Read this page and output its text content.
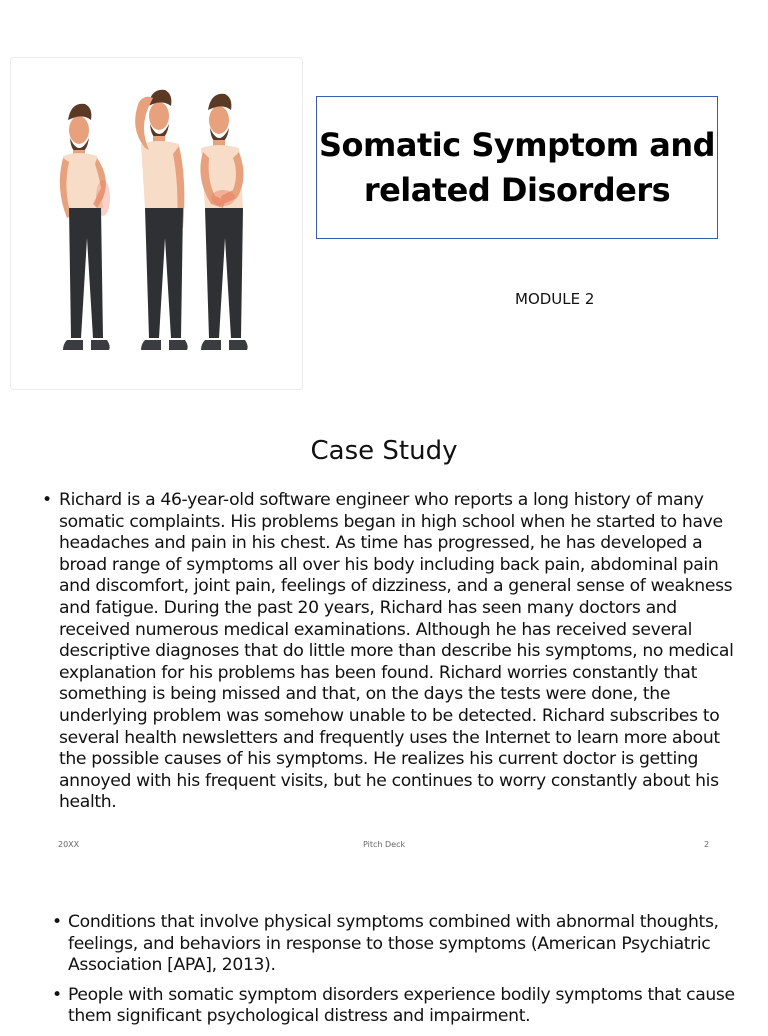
Somatic Symptom and related Disorders
MODULE 2
Case Study
• Richard is a 46-year-old software engineer who reports a long history of many somatic complaints. His problems began in high school when he started to have headaches and pain in his chest. As time has progressed, he has developed a broad range of symptoms all over his body including back pain, abdominal pain and discomfort, joint pain, feelings of dizziness, and a general sense of weakness and fatigue. During the past 20 years, Richard has seen many doctors and received numerous medical examinations. Although he has received several descriptive diagnoses that do little more than describe his symptoms, no medical explanation for his problems has been found. Richard worries constantly that something is being missed and that, on the days the tests were done, the underlying problem was somehow unable to be detected. Richard subscribes to several health newsletters and frequently uses the Internet to learn more about the possible causes of his symptoms. He realizes his current doctor is getting annoyed with his frequent visits, but he continues to worry constantly about his health.
20XX	Pitch Deck	2
• Conditions that involve physical symptoms combined with abnormal thoughts, feelings, and behaviors in response to those symptoms (American Psychiatric Association [APA], 2013).
• People with somatic symptom disorders experience bodily symptoms that cause them significant psychological distress and impairment.
